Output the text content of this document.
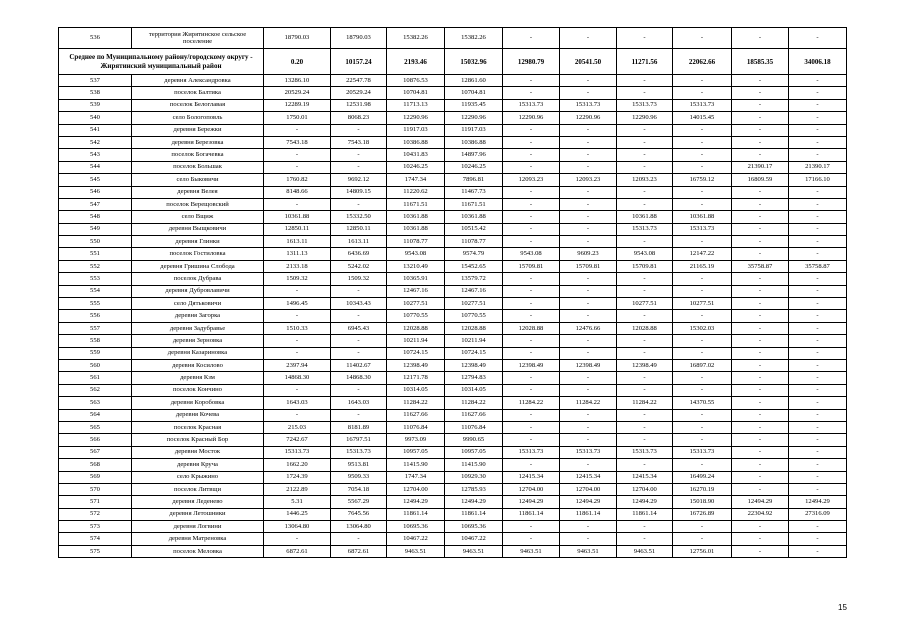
536	территория Жирятинское сельское поселение	18790.03	18790.03	15382.26	15382.26	-	-	-	-	-	-
Среднее по Муниципальному району/городскому округу - Жирятинский муниципальный район		0.20	10157.24	2193.46	15032.96	12980.79	20541.50	11271.56	22062.66	18585.35	34006.18
537	деревня Александровка	13286.10	22547.78	10876.53	12861.60	-	-	-	-	-	-
538	поселок Балтика	20529.24	20529.24	10704.81	10704.81	-	-	-	-	-	-
539	поселок Белоглавая	12289.19	12531.98	11713.13	11935.45	15313.73	15313.73	15313.73	15313.73	-	-
540	село Бологоповль	1750.01	8068.23	12290.96	12290.96	12290.96	12290.96	12290.96	14015.45	-	-
541	деревня Бережки	-	-	11917.03	11917.03	-	-	-	-	-	-
542	деревня Березовка	7543.18	7543.18	10386.88	10386.88	-	-	-	-	-	-
543	поселок Богачевка	-	-	10431.83	14897.96	-	-	-	-	-	-
544	поселок Большак	-	-	10246.25	10246.25	-	-	-	-	21390.17	21390.17
545	село Быковичи	1760.82	9692.12	1747.34	7896.81	12093.23	12093.23	12093.23	16759.12	16809.59	17166.10
546	деревня Велея	8148.66	14809.15	11220.62	11467.73	-	-	-	-	-	-
547	поселок Верещовский	-	-	11671.51	11671.51	-	-	-	-	-	-
548	село Вщиж	10361.88	15332.50	10361.88	10361.88	-	-	10361.88	10361.88	-	-
549	деревня Выщковичи	12850.11	12850.11	10361.88	10515.42	-	-	15313.73	15313.73	-	-
550	деревня Глинки	1613.11	1613.11	11078.77	11078.77	-	-	-	-	-	-
551	поселок Гостиловка	1311.13	6436.69	9543.08	9574.79	9543.08	9609.23	9543.08	12147.22	-	-
552	деревня Гришина Слобода	2133.18	5242.02	13210.49	15452.65	15709.81	15709.81	15709.81	21165.19	35758.87	35758.87
553	поселок Дубрава	1509.32	1509.32	10365.91	13579.72	-	-	-	-	-	-
554	деревня Дубровлавичи	-	-	12467.16	12467.16	-	-	-	-	-	-
555	село Дятьковичи	1496.45	10343.43	10277.51	10277.51	-	-	10277.51	10277.51	-	-
556	деревня Загорка	-	-	10770.55	10770.55	-	-	-	-	-	-
557	деревня Задубравье	1510.33	6945.43	12028.88	12028.88	12028.88	12476.66	12028.88	15302.03	-	-
558	деревня Зерновка	-	-	10211.94	10211.94	-	-	-	-	-	-
559	деревня Казариновка	-	-	10724.15	10724.15	-	-	-	-	-	-
560	деревня Косилово	2397.94	11402.67	12398.49	12398.49	12398.49	12398.49	12398.49	16897.02	-	-
561	деревня Кзм	14868.30	14868.30	12171.78	12794.83	-	-	-	-	-	-
562	поселок Кончино	-	-	10314.05	10314.05	-	-	-	-	-	-
563	деревня Коробовка	1643.03	1643.03	11284.22	11284.22	11284.22	11284.22	11284.22	14370.55	-	-
564	деревня Кочева	-	-	11627.66	11627.66	-	-	-	-	-	-
565	поселок Красная	215.03	8181.89	11076.84	11076.84	-	-	-	-	-	-
566	поселок Красный Бор	7242.67	16797.51	9973.09	9990.65	-	-	-	-	-	-
567	деревня Мосток	15313.73	15313.73	10957.05	10957.05	15313.73	15313.73	15313.73	15313.73	-	-
568	деревня Круча	1662.20	9513.81	11415.90	11415.90	-	-	-	-	-	-
569	село Крыжино	1724.39	9509.33	1747.34	10929.30	12415.34	12415.34	12415.34	16499.24	-	-
570	поселок Литвщи	2122.89	7054.18	12704.00	12785.93	12704.00	12704.00	12704.00	16270.19	-	-
571	деревня Леденево	5.31	5567.29	12494.29	12494.29	12494.29	12494.29	12494.29	15018.90	12494.29	12494.29
572	деревня Летошники	1446.25	7645.56	11861.14	11861.14	11861.14	11861.14	11861.14	16726.89	22304.92	27316.09
573	деревня Логвини	13064.80	13064.80	10695.36	10695.36	-	-	-	-	-	-
574	деревня Матреновка	-	-	10467.22	10467.22	-	-	-	-	-	-
575	поселок Меловка	6872.61	6872.61	9463.51	9463.51	9463.51	9463.51	9463.51	12756.01	-	-
15
